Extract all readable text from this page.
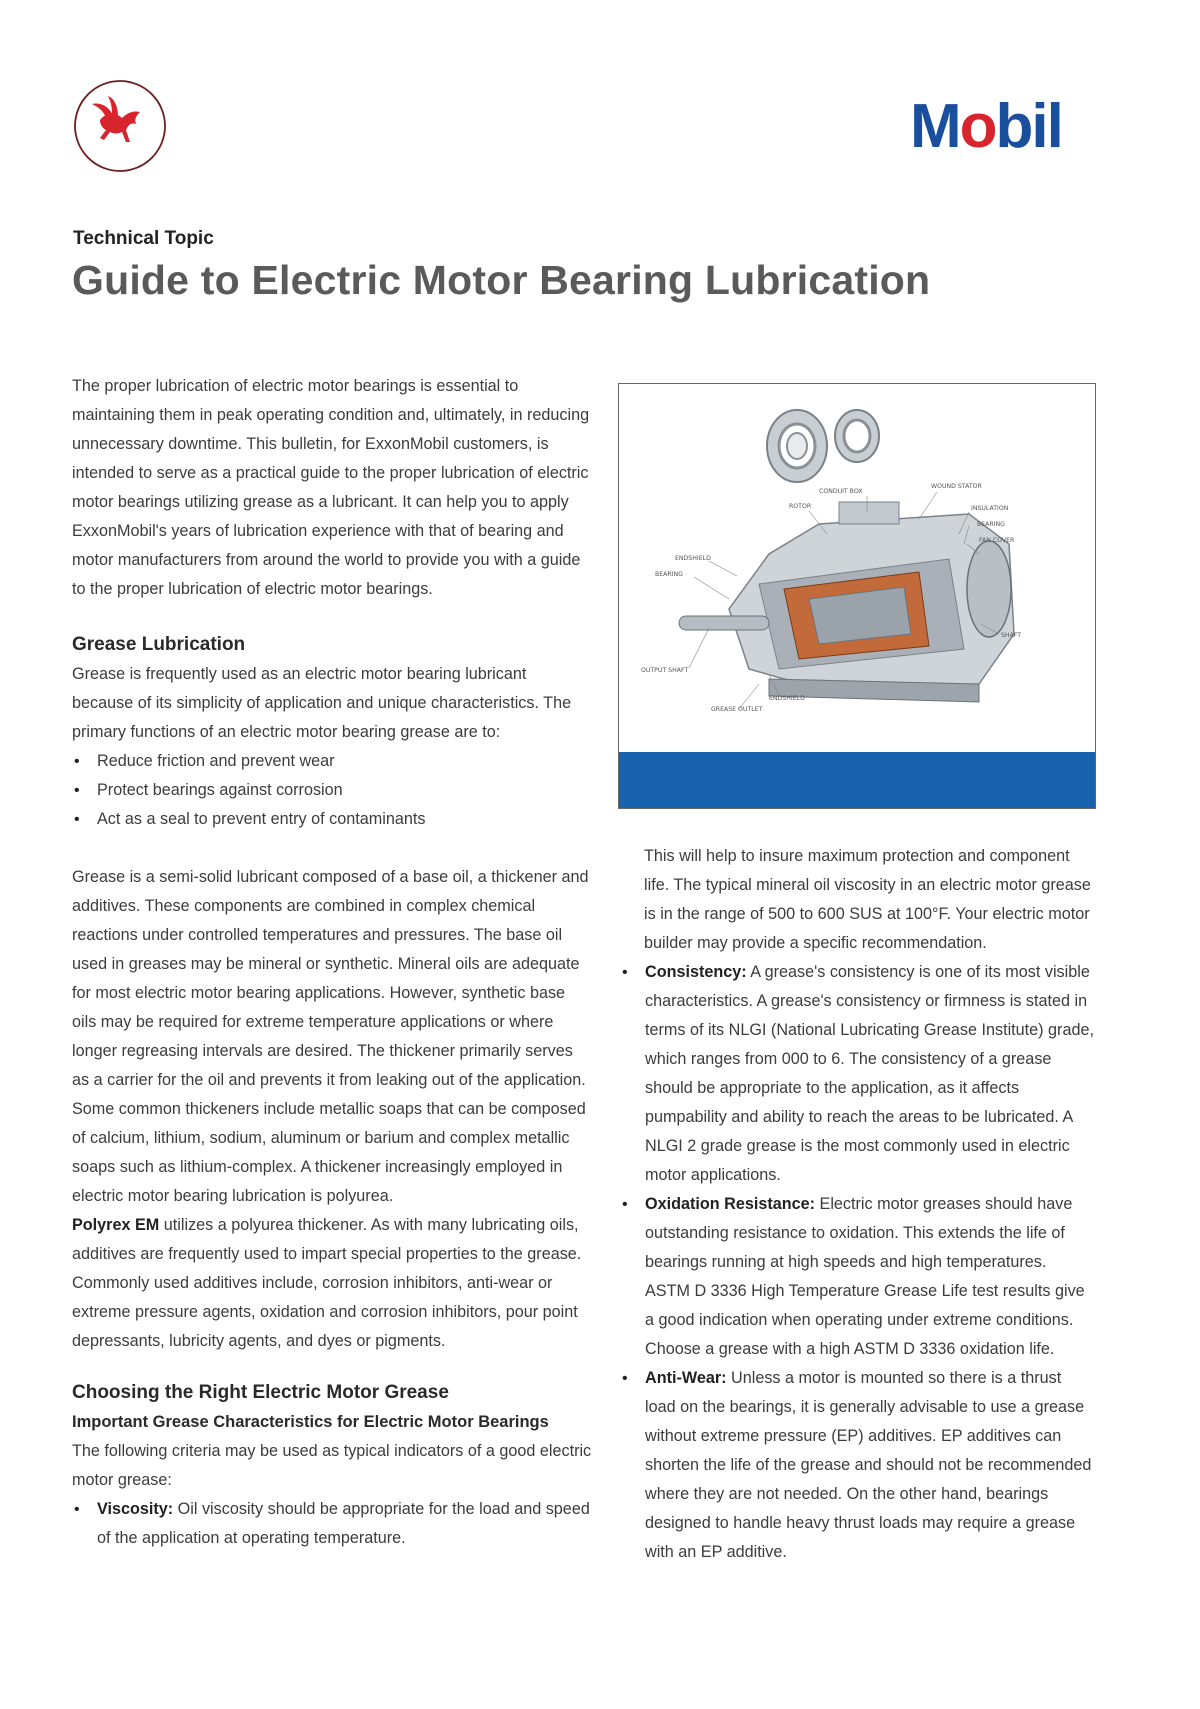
Mobil
Technical Topic
Guide to Electric Motor Bearing Lubrication

The proper lubrication of electric motor bearings is essential to maintaining them in peak operating condition and, ultimately, in reducing unnecessary downtime. This bulletin, for ExxonMobil customers, is intended to serve as a practical guide to the proper lubrication of electric motor bearings utilizing grease as a lubricant. It can help you to apply ExxonMobil's years of lubrication experience with that of bearing and motor manufacturers from around the world to provide you with a guide to the proper lubrication of electric motor bearings.

Grease Lubrication

Grease is frequently used as an electric motor bearing lubricant because of its simplicity of application and unique characteristics. The primary functions of an electric motor bearing grease are to:

• Reduce friction and prevent wear
• Protect bearings against corrosion
• Act as a seal to prevent entry of contaminants

Grease is a semi-solid lubricant composed of a base oil, a thickener and additives. These components are combined in complex chemical reactions under controlled temperatures and pressures. The base oil used in greases may be mineral or synthetic. Mineral oils are adequate for most electric motor bearing applications. However, synthetic base oils may be required for extreme temperature applications or where longer regreasing intervals are desired. The thickener primarily serves as a carrier for the oil and prevents it from leaking out of the application. Some common thickeners include metallic soaps that can be composed of calcium, lithium, sodium, aluminum or barium and complex metallic soaps such as lithium-complex. A thickener increasingly employed in electric motor bearing lubrication is polyurea.

Polyrex EM utilizes a polyurea thickener. As with many lubricating oils, additives are frequently used to impart special properties to the grease. Commonly used additives include, corrosion inhibitors, anti-wear or extreme pressure agents, oxidation and corrosion inhibitors, pour point depressants, lubricity agents, and dyes or pigments.

Choosing the Right Electric Motor Grease
Important Grease Characteristics for Electric Motor Bearings

The following criteria may be used as typical indicators of a good electric motor grease:

• Viscosity: Oil viscosity should be appropriate for the load and speed of the application at operating temperature.
CONDUIT BOX
WOUND STATOR
ROTOR	INSULATION
BEARING
FAN COVER
ENDSHIELD
BEARING
SHAFT
OUTPUT SHAFT
ENDSHIELD
GREASE OUTLET

This will help to insure maximum protection and component life. The typical mineral oil viscosity in an electric motor grease is in the range of 500 to 600 SUS at 100°F. Your electric motor builder may provide a specific recommendation.

• Consistency: A grease's consistency is one of its most visible characteristics. A grease's consistency or firmness is stated in terms of its NLGI (National Lubricating Grease Institute) grade, which ranges from 000 to 6. The consistency of a grease should be appropriate to the application, as it affects pumpability and ability to reach the areas to be lubricated. A NLGI 2 grade grease is the most commonly used in electric motor applications.
• Oxidation Resistance: Electric motor greases should have outstanding resistance to oxidation. This extends the life of bearings running at high speeds and high temperatures. ASTM D 3336 High Temperature Grease Life test results give a good indication when operating under extreme conditions. Choose a grease with a high ASTM D 3336 oxidation life.
• Anti-Wear: Unless a motor is mounted so there is a thrust load on the bearings, it is generally advisable to use a grease without extreme pressure (EP) additives. EP additives can shorten the life of the grease and should not be recommended where they are not needed. On the other hand, bearings designed to handle heavy thrust loads may require a grease with an EP additive.
